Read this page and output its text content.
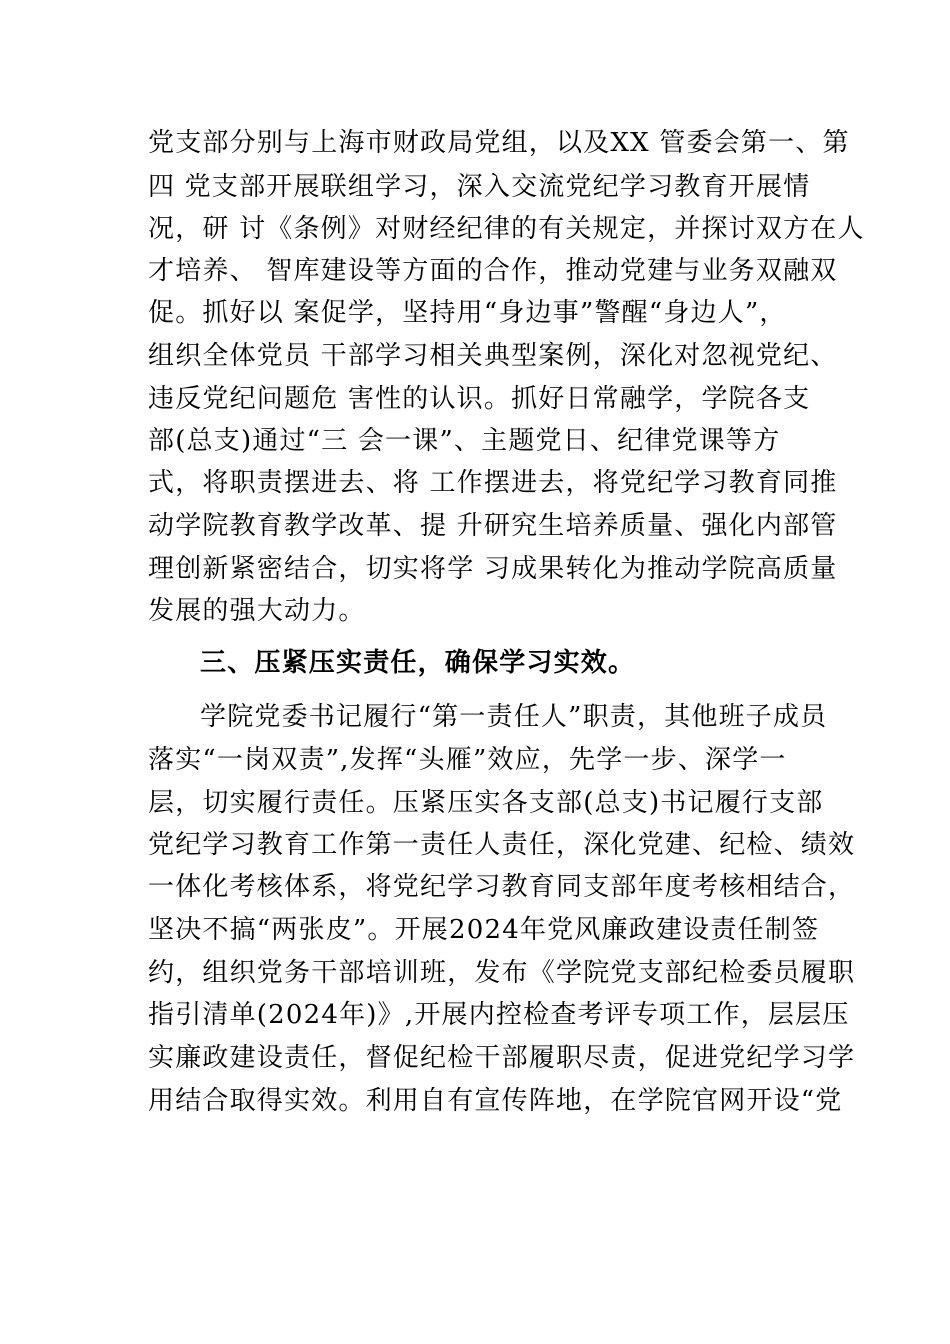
党支部分别与上海市财政局党组，以及XX 管委会第一、第
四 党支部开展联组学习，深入交流党纪学习教育开展情
况，研 讨《条例》对财经纪律的有关规定，并探讨双方在人
才培养、 智库建设等方面的合作，推动党建与业务双融双
促。抓好以 案促学，坚持用“身边事”警醒“身边人”，
组织全体党员 干部学习相关典型案例，深化对忽视党纪、
违反党纪问题危 害性的认识。抓好日常融学，学院各支
部(总支)通过“三 会一课”、主题党日、纪律党课等方
式，将职责摆进去、将 工作摆进去，将党纪学习教育同推
动学院教育教学改革、提 升研究生培养质量、强化内部管
理创新紧密结合，切实将学 习成果转化为推动学院高质量
发展的强大动力。
三、压紧压实责任，确保学习实效。
学院党委书记履行“第一责任人”职责，其他班子成员
落实“一岗双责”,发挥“头雁”效应，先学一步、深学一
层，切实履行责任。压紧压实各支部(总支)书记履行支部
党纪学习教育工作第一责任人责任，深化党建、纪检、绩效
一体化考核体系，将党纪学习教育同支部年度考核相结合，
坚决不搞“两张皮”。开展2024年党风廉政建设责任制签
约，组织党务干部培训班，发布《学院党支部纪检委员履职
指引清单(2024年)》,开展内控检查考评专项工作，层层压
实廉政建设责任，督促纪检干部履职尽责，促进党纪学习学
用结合取得实效。利用自有宣传阵地，在学院官网开设“党
